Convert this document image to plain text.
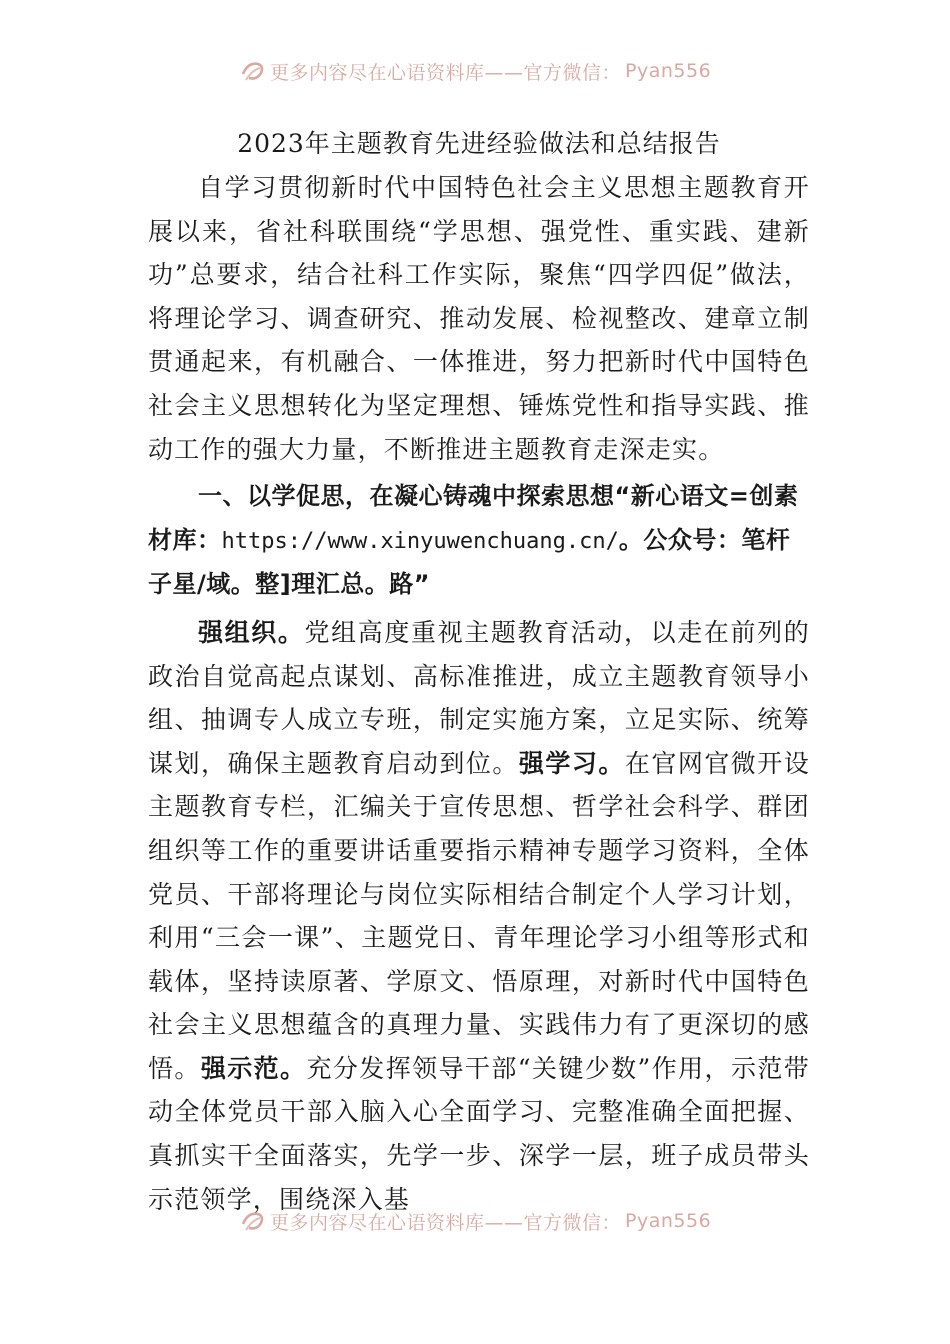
更多内容尽在心语资料库——官方微信： Pyan556
2023年主题教育先进经验做法和总结报告

自学习贯彻新时代中国特色社会主义思想主题教育开展以来，省社科联围绕“学思想、强党性、重实践、建新功”总要求，结合社科工作实际，聚焦“四学四促”做法，将理论学习、调查研究、推动发展、检视整改、建章立制贯通起来，有机融合、一体推进，努力把新时代中国特色社会主义思想转化为坚定理想、锤炼党性和指导实践、推动工作的强大力量，不断推进主题教育走深走实。

一、以学促思，在凝心铸魂中探索思想“新心语文=创素材库：https://www.xinyuwenchuang.cn/。公众号：笔杆子星/域。整]理汇总。路”

强组织。党组高度重视主题教育活动，以走在前列的政治自觉高起点谋划、高标准推进，成立主题教育领导小组、抽调专人成立专班，制定实施方案，立足实际、统筹谋划，确保主题教育启动到位。强学习。在官网官微开设主题教育专栏，汇编关于宣传思想、哲学社会科学、群团组织等工作的重要讲话重要指示精神专题学习资料，全体党员、干部将理论与岗位实际相结合制定个人学习计划，利用“三会一课”、主题党日、青年理论学习小组等形式和载体，坚持读原著、学原文、悟原理，对新时代中国特色社会主义思想蕴含的真理力量、实践伟力有了更深切的感悟。强示范。充分发挥领导干部“关键少数”作用，示范带动全体党员干部入脑入心全面学习、完整准确全面把握、真抓实干全面落实，先学一步、深学一层，班子成员带头示范领学，围绕深入基

更多内容尽在心语资料库——官方微信： Pyan556
